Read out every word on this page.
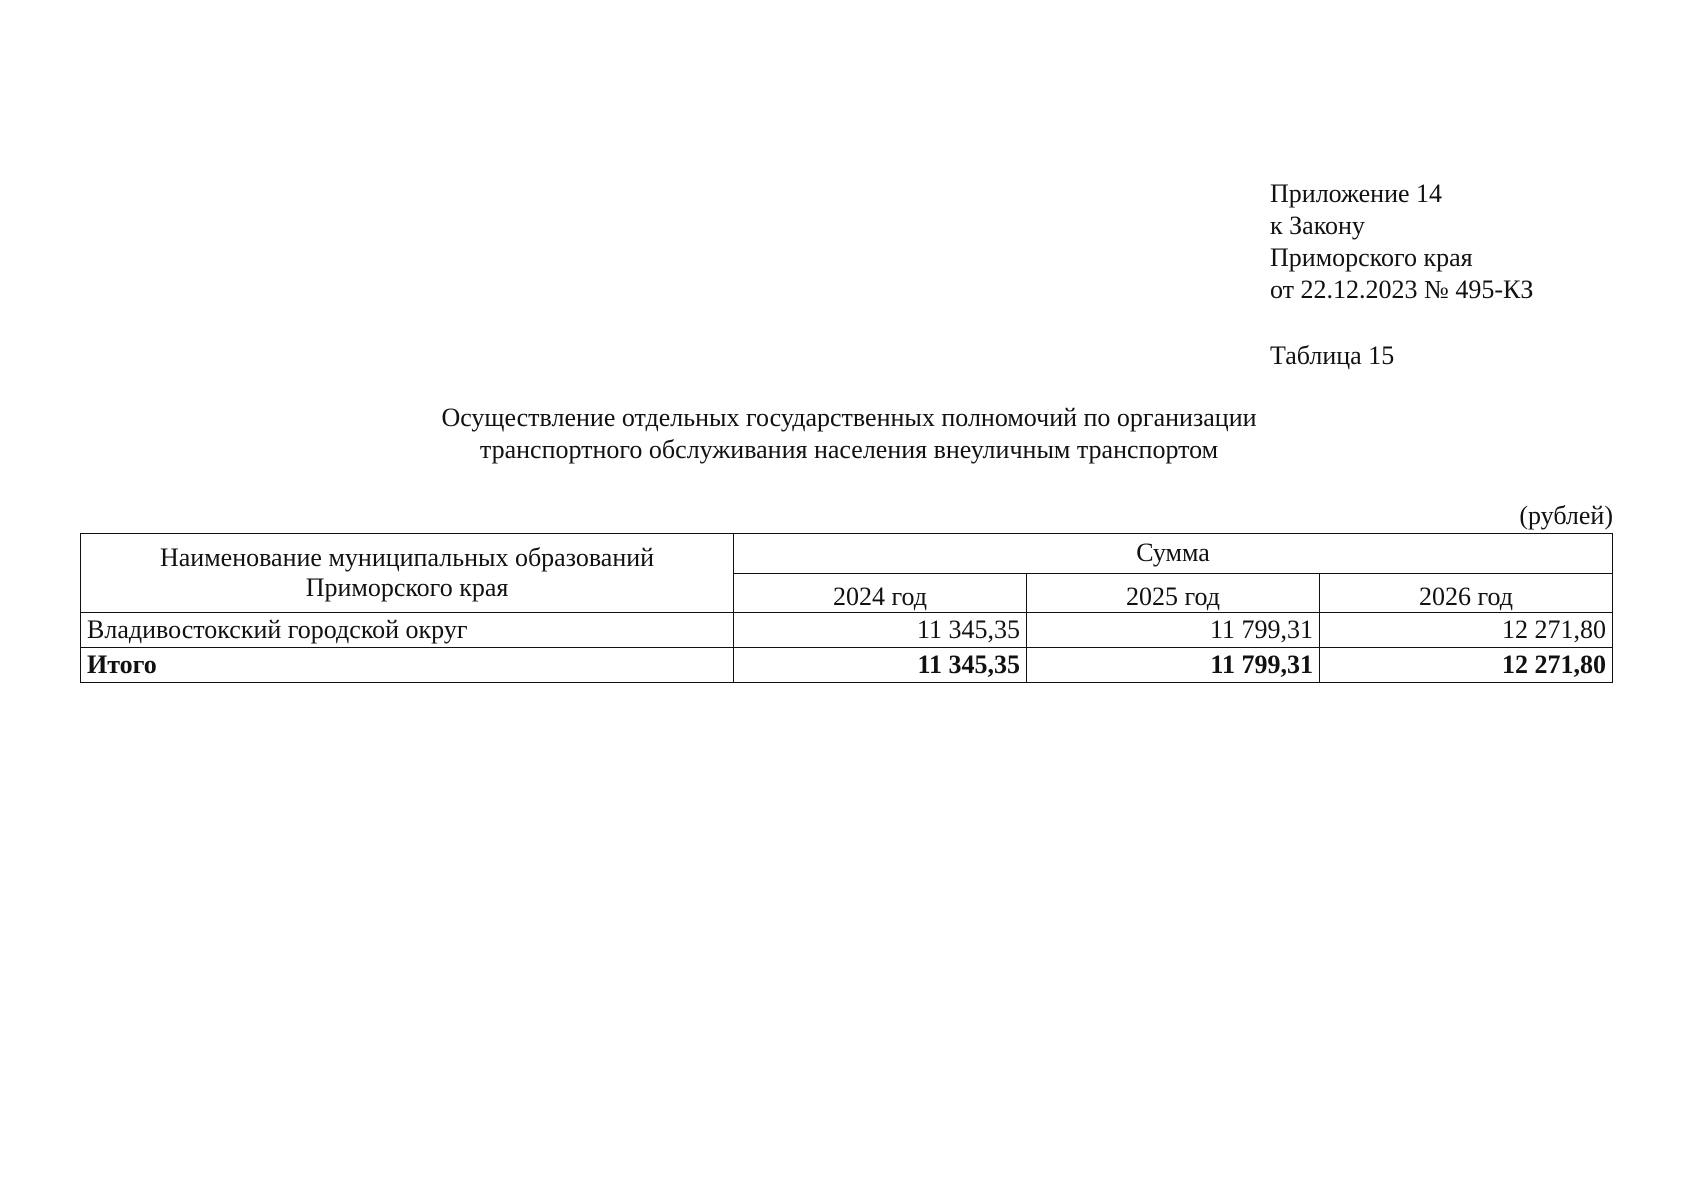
Приложение 14
к Закону
Приморского края
от 22.12.2023 № 495-КЗ
Таблица 15
Осуществление отдельных государственных полномочий по организации
транспортного обслуживания населения внеуличным транспортом
(рублей)
Наименование муниципальных образований
Приморского края	Сумма		
	2024 год	2025 год	2026 год
Владивостокский городской округ	11 345,35	11 799,31	12 271,80
Итого	11 345,35	11 799,31	12 271,80
